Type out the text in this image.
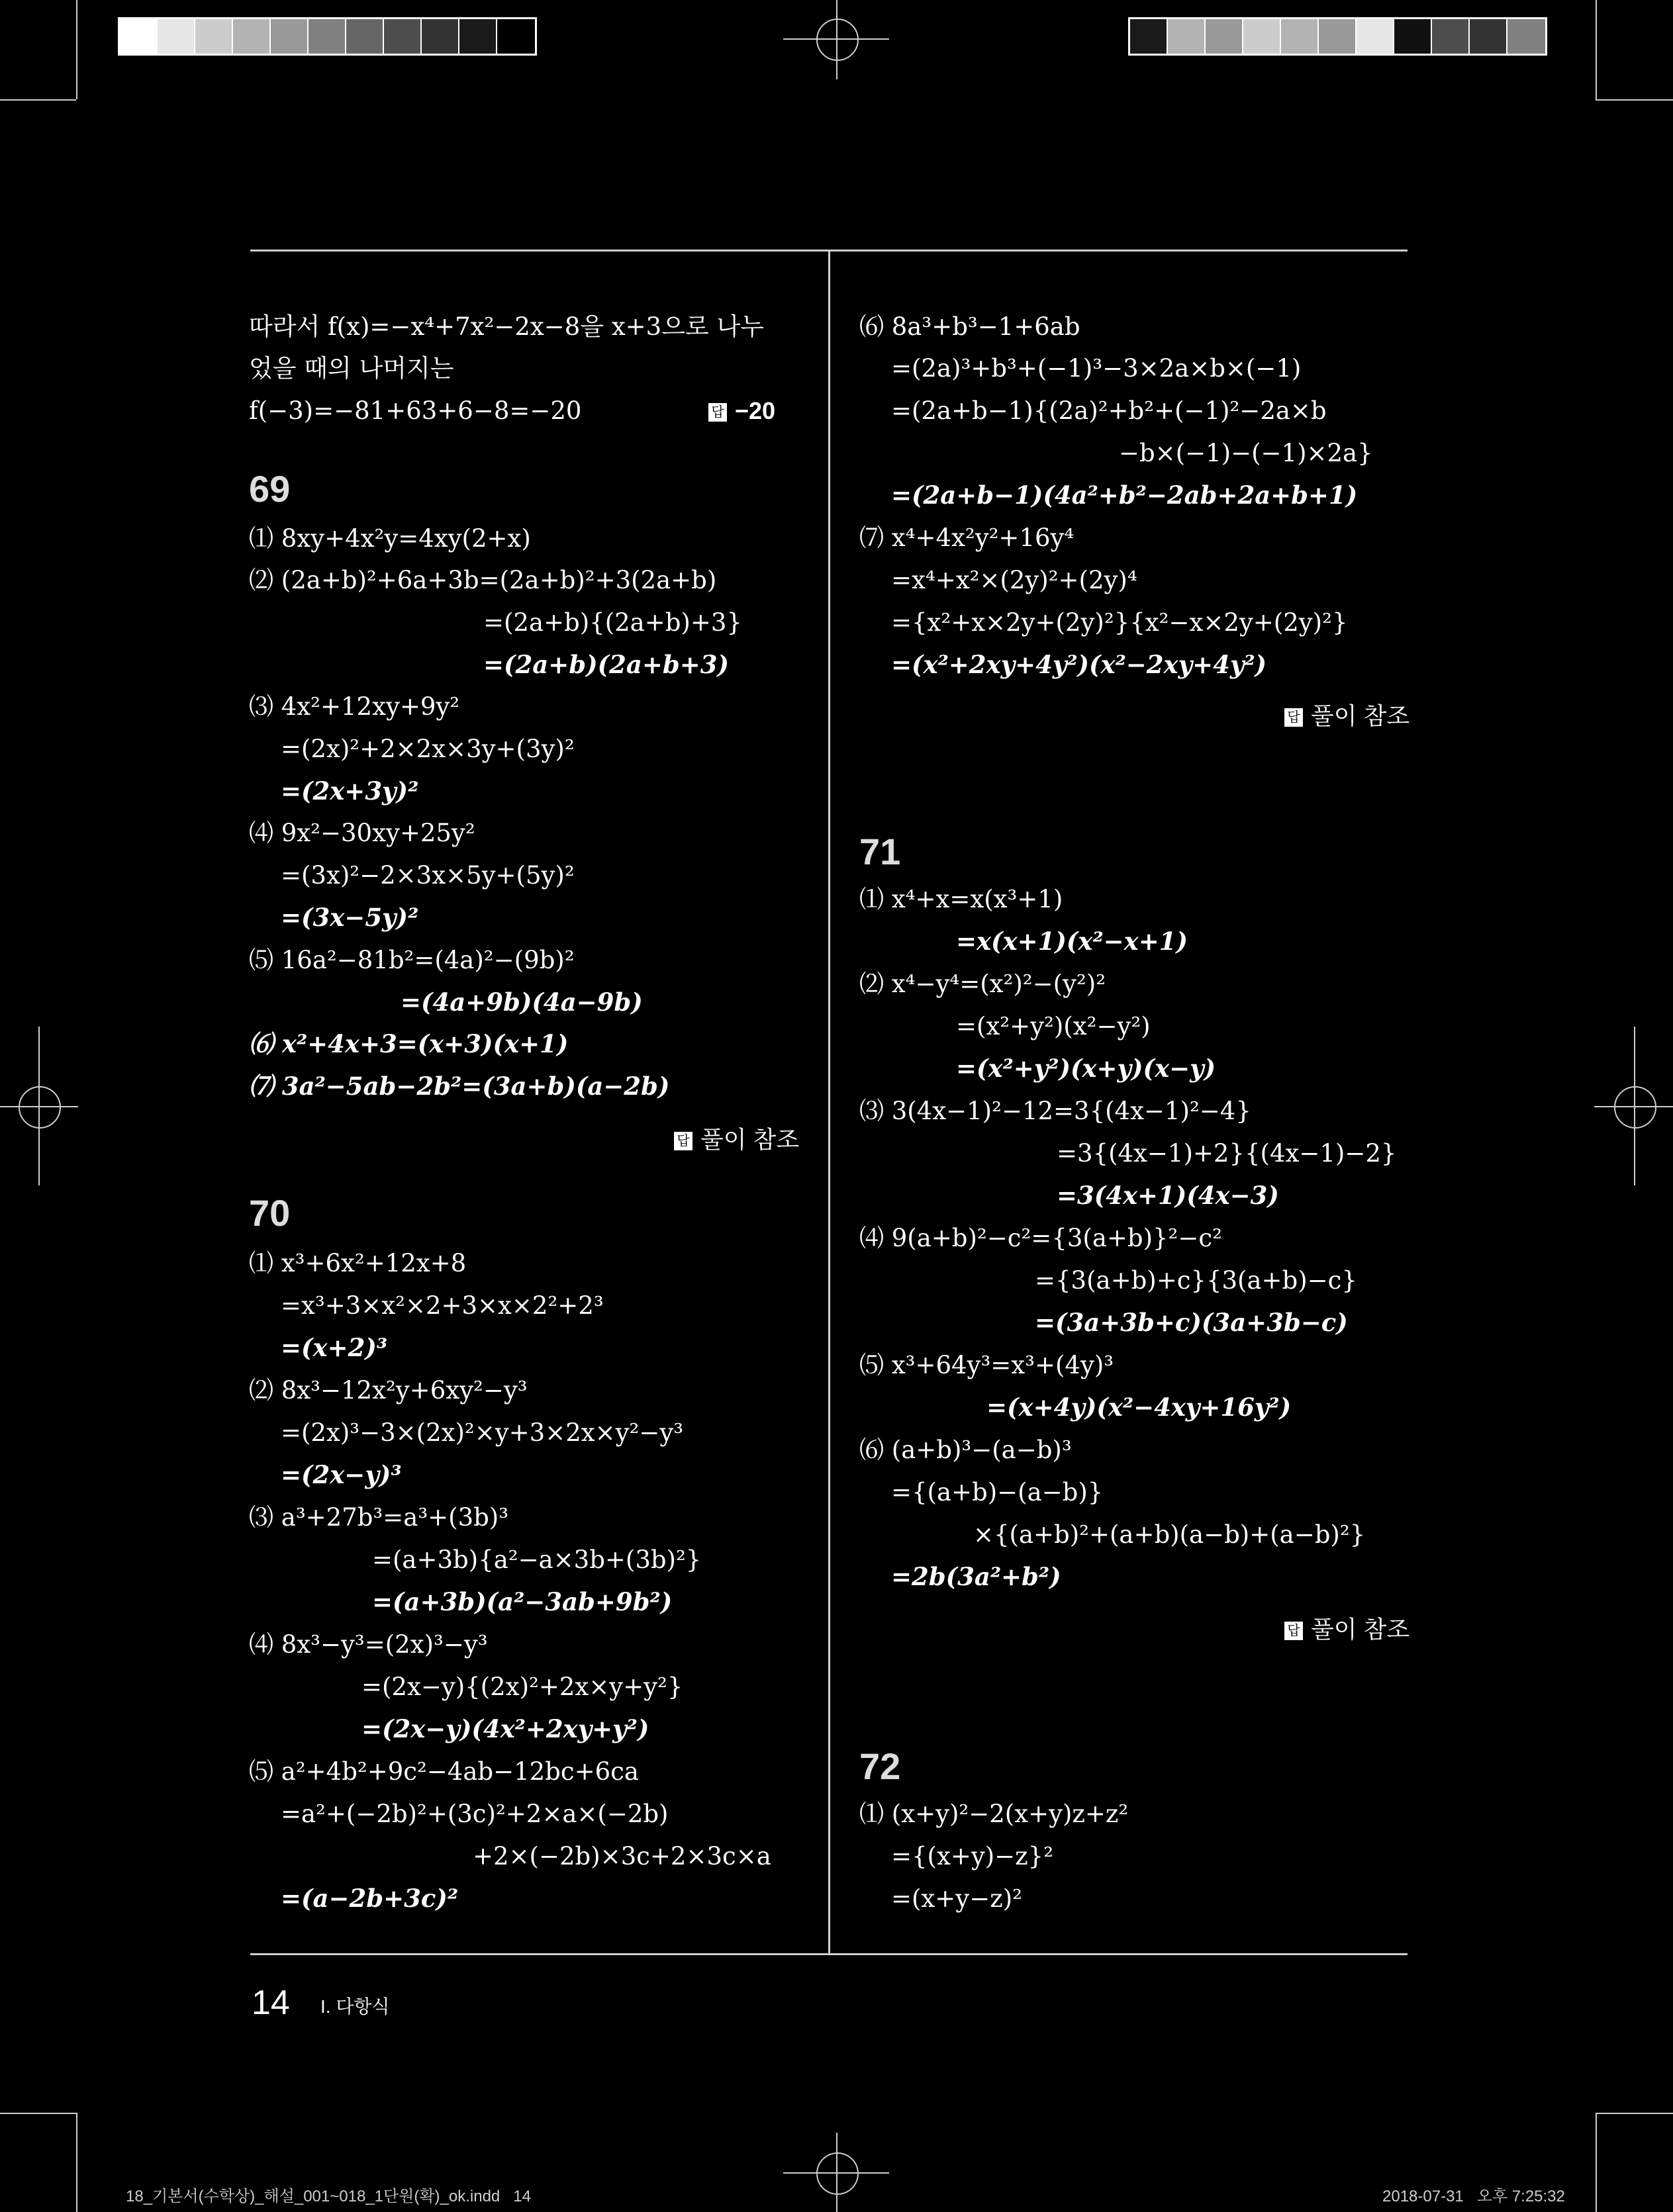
따라서 f(x)=−x⁴+7x²−2x−8을 x+3으로 나누
었을 때의 나머지는
f(−3)=−81+63+6−8=−20	답 −20
69
⑴ 8xy+4x²y=4xy(2+x)
⑵ (2a+b)²+6a+3b=(2a+b)²+3(2a+b)
=(2a+b){(2a+b)+3}
=(2a+b)(2a+b+3)
⑶ 4x²+12xy+9y²
=(2x)²+2×2x×3y+(3y)²
=(2x+3y)²
⑷ 9x²−30xy+25y²
=(3x)²−2×3x×5y+(5y)²
=(3x−5y)²
⑸ 16a²−81b²=(4a)²−(9b)²
=(4a+9b)(4a−9b)
⑹ x²+4x+3=(x+3)(x+1)
⑺ 3a²−5ab−2b²=(3a+b)(a−2b)
답 풀이 참조
70
⑴ x³+6x²+12x+8
=x³+3×x²×2+3×x×2²+2³
=(x+2)³
⑵ 8x³−12x²y+6xy²−y³
=(2x)³−3×(2x)²×y+3×2x×y²−y³
=(2x−y)³
⑶ a³+27b³=a³+(3b)³
=(a+3b){a²−a×3b+(3b)²}
=(a+3b)(a²−3ab+9b²)
⑷ 8x³−y³=(2x)³−y³
=(2x−y){(2x)²+2x×y+y²}
=(2x−y)(4x²+2xy+y²)
⑸ a²+4b²+9c²−4ab−12bc+6ca
=a²+(−2b)²+(3c)²+2×a×(−2b)
+2×(−2b)×3c+2×3c×a
=(a−2b+3c)²
⑹ 8a³+b³−1+6ab
=(2a)³+b³+(−1)³−3×2a×b×(−1)
=(2a+b−1){(2a)²+b²+(−1)²−2a×b
−b×(−1)−(−1)×2a}
=(2a+b−1)(4a²+b²−2ab+2a+b+1)
⑺ x⁴+4x²y²+16y⁴
=x⁴+x²×(2y)²+(2y)⁴
={x²+x×2y+(2y)²}{x²−x×2y+(2y)²}
=(x²+2xy+4y²)(x²−2xy+4y²)
답 풀이 참조
71
⑴ x⁴+x=x(x³+1)
=x(x+1)(x²−x+1)
⑵ x⁴−y⁴=(x²)²−(y²)²
=(x²+y²)(x²−y²)
=(x²+y²)(x+y)(x−y)
⑶ 3(4x−1)²−12=3{(4x−1)²−4}
=3{(4x−1)+2}{(4x−1)−2}
=3(4x+1)(4x−3)
⑷ 9(a+b)²−c²={3(a+b)}²−c²
={3(a+b)+c}{3(a+b)−c}
=(3a+3b+c)(3a+3b−c)
⑸ x³+64y³=x³+(4y)³
=(x+4y)(x²−4xy+16y²)
⑹ (a+b)³−(a−b)³
={(a+b)−(a−b)}
×{(a+b)²+(a+b)(a−b)+(a−b)²}
=2b(3a²+b²)
답 풀이 참조
72
⑴ (x+y)²−2(x+y)z+z²
={(x+y)−z}²
=(x+y−z)²
14 I. 다항식
18_기본서(수학상)_해설_001~018_1단원(확)_ok.indd   14	2018-07-31   오후 7:25:32
